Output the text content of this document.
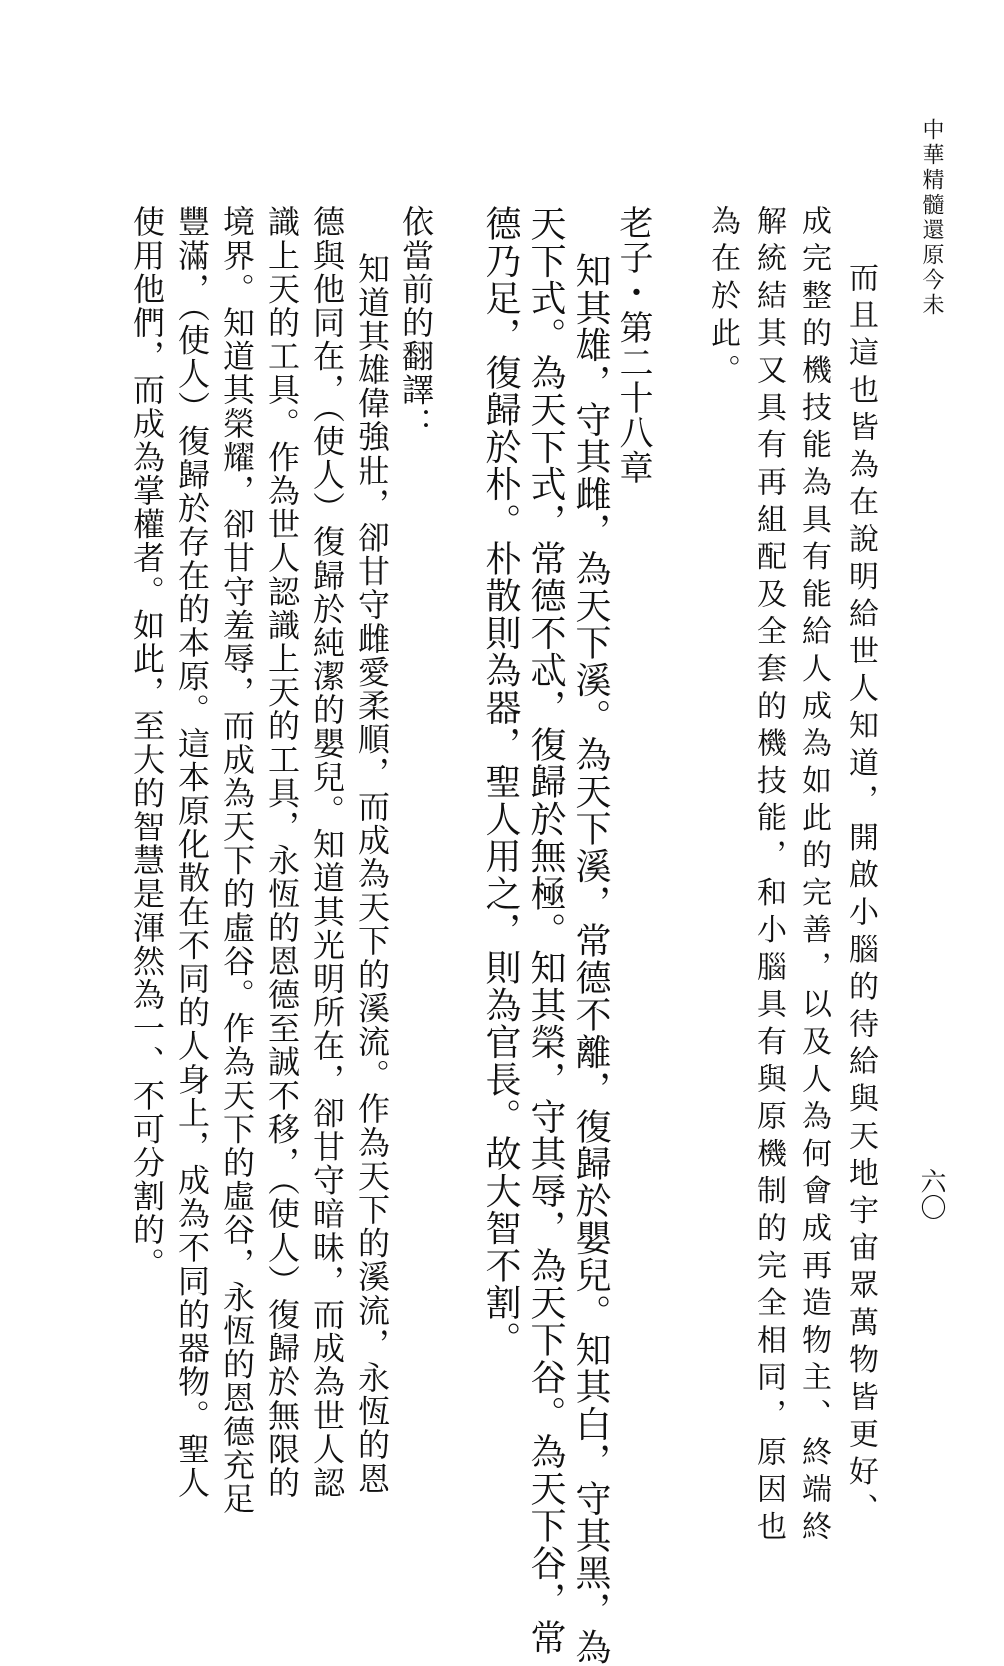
中華精髓還原今未
六〇
而且這也皆為在說明給世人知道，開啟小腦的待給與天地宇宙眾萬物皆更好、
成完整的機技能為具有能給人成為如此的完善，以及人為何會成再造物主、終端終
解統結其又具有再組配及全套的機技能，和小腦具有與原機制的完全相同，原因也
為在於此。
老子・第二十八章
知其雄，守其雌，為天下溪。為天下溪，常德不離，復歸於嬰兒。知其白，守其黑，為
天下式。為天下式，常德不忒，復歸於無極。知其榮，守其辱，為天下谷。為天下谷，常
德乃足，復歸於朴。朴散則為器，聖人用之，則為官長。故大智不割。
依當前的翻譯：
知道其雄偉強壯，卻甘守雌愛柔順，而成為天下的溪流。作為天下的溪流，永恆的恩
德與他同在，（使人）復歸於純潔的嬰兒。知道其光明所在，卻甘守暗昧，而成為世人認
識上天的工具。作為世人認識上天的工具，永恆的恩德至誠不移，（使人）復歸於無限的
境界。知道其榮耀，卻甘守羞辱，而成為天下的虛谷。作為天下的虛谷，永恆的恩德充足
豐滿，（使人）復歸於存在的本原。這本原化散在不同的人身上，成為不同的器物。聖人
使用他們，而成為掌權者。如此，至大的智慧是渾然為一、不可分割的。
